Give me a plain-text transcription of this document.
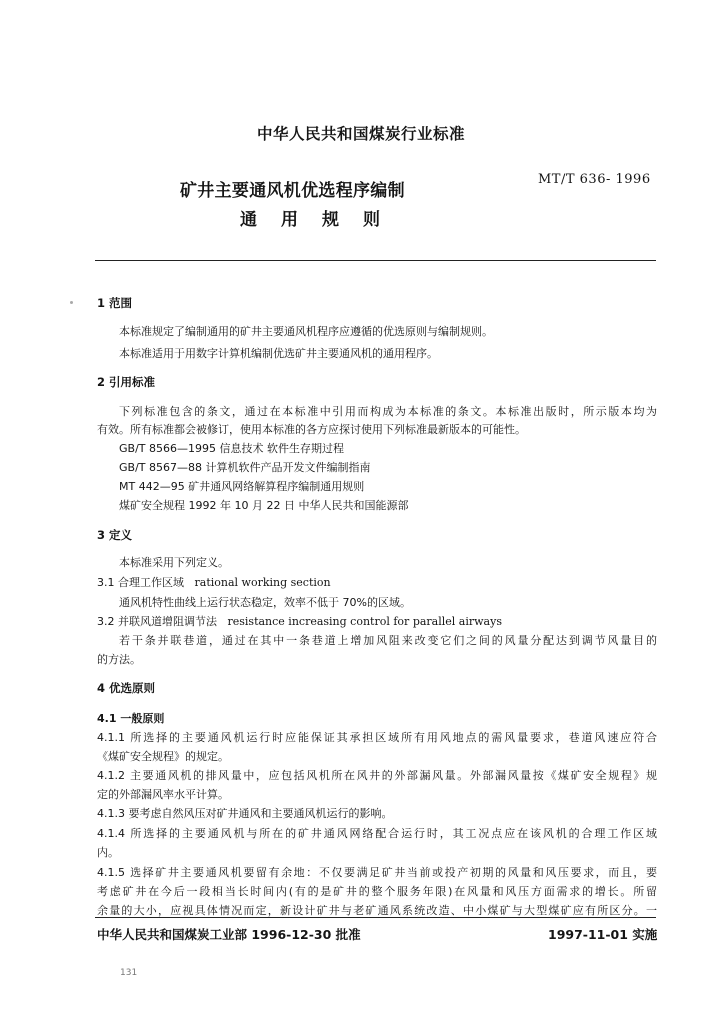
中华人民共和国煤炭行业标准
矿井主要通风机优选程序编制
通用规则
MT/T 636- 1996
1 范围
本标准规定了编制通用的矿井主要通风机程序应遵循的优选原则与编制规则。
本标准适用于用数字计算机编制优选矿井主要通风机的通用程序。
2 引用标准
下列标准包含的条文，通过在本标准中引用而构成为本标准的条文。本标准出版时，所示版本均为
有效。所有标准都会被修订，使用本标准的各方应探讨使用下列标准最新版本的可能性。
GB/T 8566—1995 信息技术 软件生存期过程
GB/T 8567—88 计算机软件产品开发文件编制指南
MT 442—95 矿井通风网络解算程序编制通用规则
煤矿安全规程 1992 年 10 月 22 日 中华人民共和国能源部
3 定义
本标准采用下列定义。
3.1 合理工作区域 rational working section
通风机特性曲线上运行状态稳定，效率不低于 70%的区域。
3.2 并联风道增阻调节法 resistance increasing control for parallel airways
若干条并联巷道，通过在其中一条巷道上增加风阻来改变它们之间的风量分配达到调节风量目的
的方法。
4 优选原则
4.1 一般原则
4.1.1 所选择的主要通风机运行时应能保证其承担区域所有用风地点的需风量要求，巷道风速应符合
《煤矿安全规程》的规定。
4.1.2 主要通风机的排风量中，应包括风机所在风井的外部漏风量。外部漏风量按《煤矿安全规程》规
定的外部漏风率水平计算。
4.1.3 要考虑自然风压对矿井通风和主要通风机运行的影响。
4.1.4 所选择的主要通风机与所在的矿井通风网络配合运行时，其工况点应在该风机的合理工作区域
内。
4.1.5 选择矿井主要通风机要留有余地：不仅要满足矿井当前或投产初期的风量和风压要求，而且，要
考虑矿井在今后一段相当长时间内(有的是矿井的整个服务年限)在风量和风压方面需求的增长。所留
余量的大小，应视具体情况而定，新设计矿井与老矿通风系统改造、中小煤矿与大型煤矿应有所区分。一
中华人民共和国煤炭工业部 1996-12-30 批准	1997-11-01 实施
131
